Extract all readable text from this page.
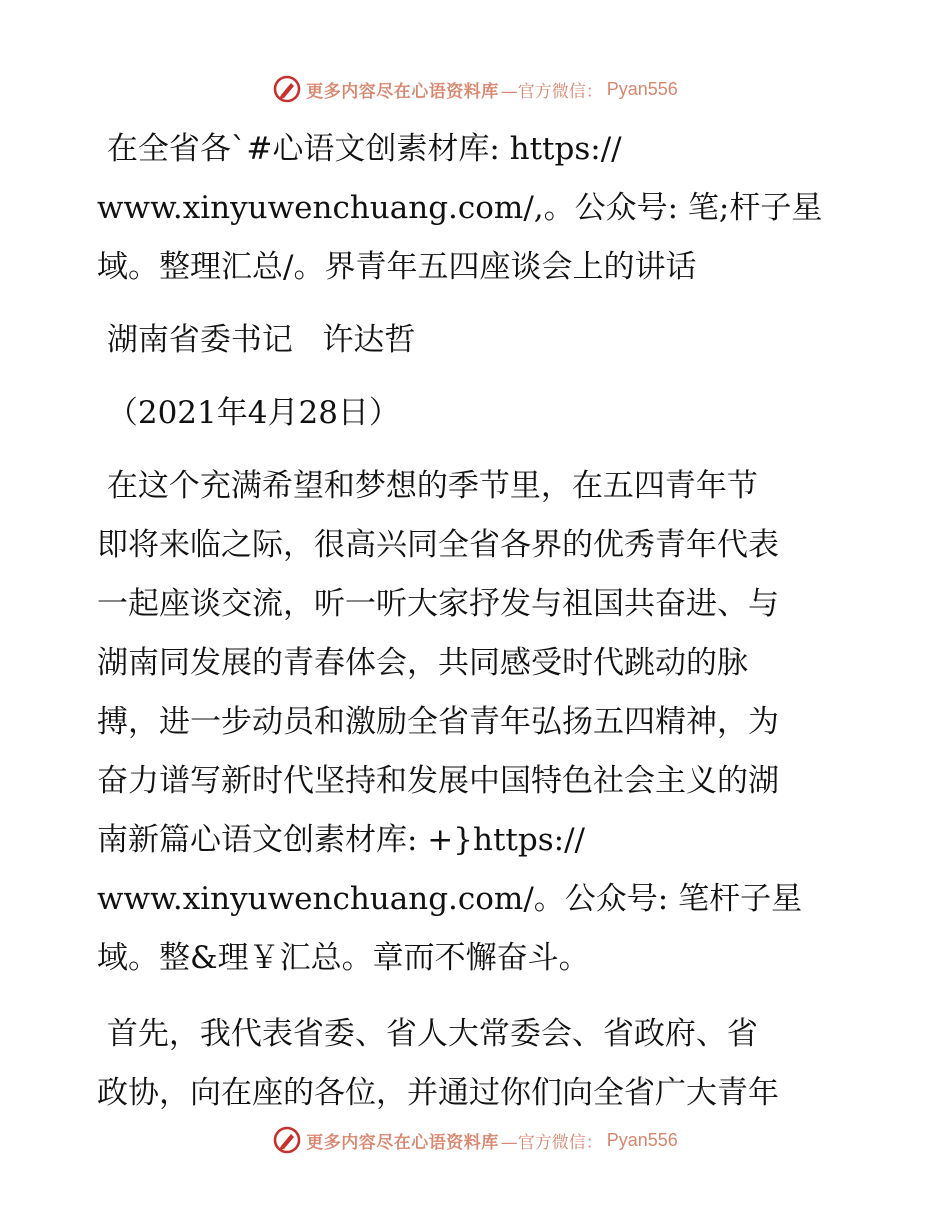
更多内容尽在心语资料库 —官方微信： Pyan556

在全省各`#心语文创素材库: https://
www.xinyuwenchuang.com/,。公众号: 笔;杆子星
域。整理汇总/。界青年五四座谈会上的讲话

湖南省委书记   许达哲

（2021年4月28日）

在这个充满希望和梦想的季节里，在五四青年节
即将来临之际，很高兴同全省各界的优秀青年代表
一起座谈交流，听一听大家抒发与祖国共奋进、与
湖南同发展的青春体会，共同感受时代跳动的脉
搏，进一步动员和激励全省青年弘扬五四精神，为
奋力谱写新时代坚持和发展中国特色社会主义的湖
南新篇心语文创素材库: +}https://
www.xinyuwenchuang.com/。公众号: 笔杆子星
域。整&理￥汇总。章而不懈奋斗。

首先，我代表省委、省人大常委会、省政府、省
政协，向在座的各位，并通过你们向全省广大青年

更多内容尽在心语资料库 —官方微信： Pyan556
